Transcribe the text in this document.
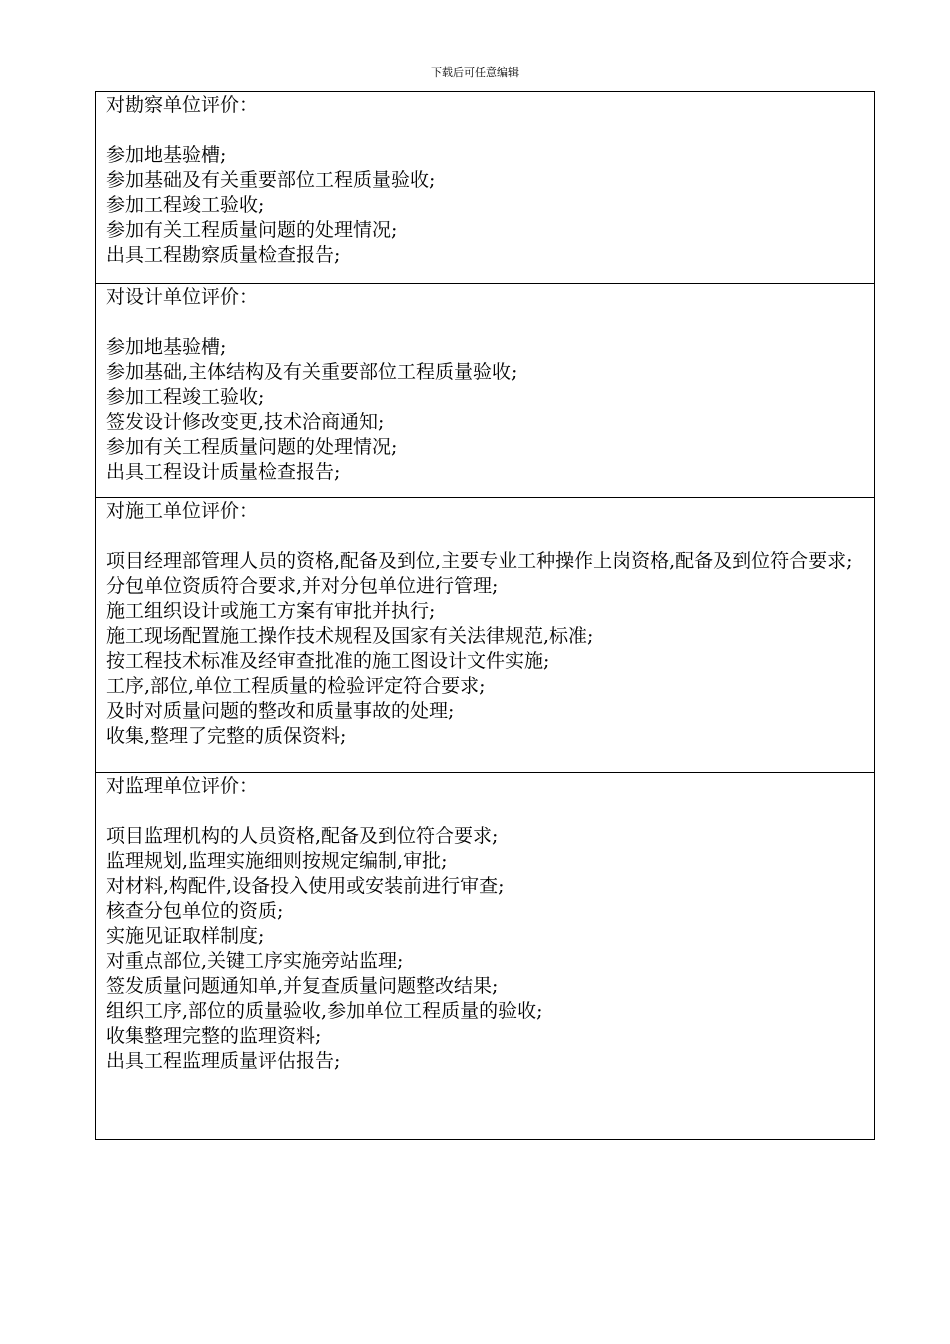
下载后可任意编辑

对勘察单位评价：

参加地基验槽;

参加基础及有关重要部位工程质量验收;

参加工程竣工验收;

参加有关工程质量问题的处理情况;

出具工程勘察质量检查报告;

对设计单位评价：

参加地基验槽;

参加基础,主体结构及有关重要部位工程质量验收;

参加工程竣工验收;

签发设计修改变更,技术洽商通知;

参加有关工程质量问题的处理情况;

出具工程设计质量检查报告;

对施工单位评价：

项目经理部管理人员的资格,配备及到位,主要专业工种操作上岗资格,配备及到位符合要求;

分包单位资质符合要求,并对分包单位进行管理;

施工组织设计或施工方案有审批并执行;

施工现场配置施工操作技术规程及国家有关法律规范,标准;

按工程技术标准及经审查批准的施工图设计文件实施;

工序,部位,单位工程质量的检验评定符合要求;

及时对质量问题的整改和质量事故的处理;

收集,整理了完整的质保资料;

对监理单位评价：

项目监理机构的人员资格,配备及到位符合要求;

监理规划,监理实施细则按规定编制,审批;

对材料,构配件,设备投入使用或安装前进行审查;

核查分包单位的资质;

实施见证取样制度;

对重点部位,关键工序实施旁站监理;

签发质量问题通知单,并复查质量问题整改结果;

组织工序,部位的质量验收,参加单位工程质量的验收;

收集整理完整的监理资料;

出具工程监理质量评估报告;
